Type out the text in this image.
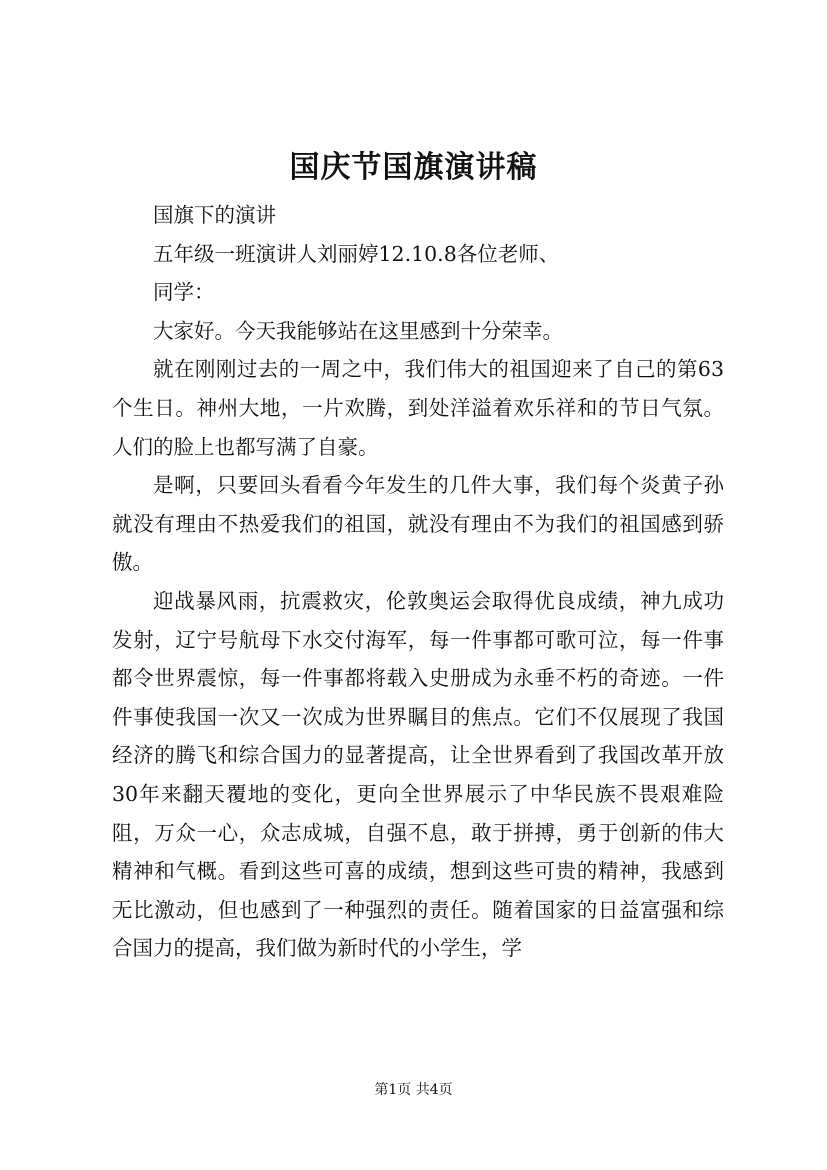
国庆节国旗演讲稿

国旗下的演讲

五年级一班演讲人刘丽婷12.10.8各位老师、

同学：

大家好。今天我能够站在这里感到十分荣幸。

就在刚刚过去的一周之中，我们伟大的祖国迎来了自己的第63个生日。神州大地，一片欢腾，到处洋溢着欢乐祥和的节日气氛。人们的脸上也都写满了自豪。

是啊，只要回头看看今年发生的几件大事，我们每个炎黄子孙就没有理由不热爱我们的祖国，就没有理由不为我们的祖国感到骄傲。

迎战暴风雨，抗震救灾，伦敦奥运会取得优良成绩，神九成功发射，辽宁号航母下水交付海军，每一件事都可歌可泣，每一件事都令世界震惊，每一件事都将载入史册成为永垂不朽的奇迹。一件件事使我国一次又一次成为世界瞩目的焦点。它们不仅展现了我国经济的腾飞和综合国力的显著提高，让全世界看到了我国改革开放30年来翻天覆地的变化，更向全世界展示了中华民族不畏艰难险阻，万众一心，众志成城，自强不息，敢于拼搏，勇于创新的伟大精神和气概。看到这些可喜的成绩，想到这些可贵的精神，我感到无比激动，但也感到了一种强烈的责任。随着国家的日益富强和综合国力的提高，我们做为新时代的小学生，学

第1页 共4页
